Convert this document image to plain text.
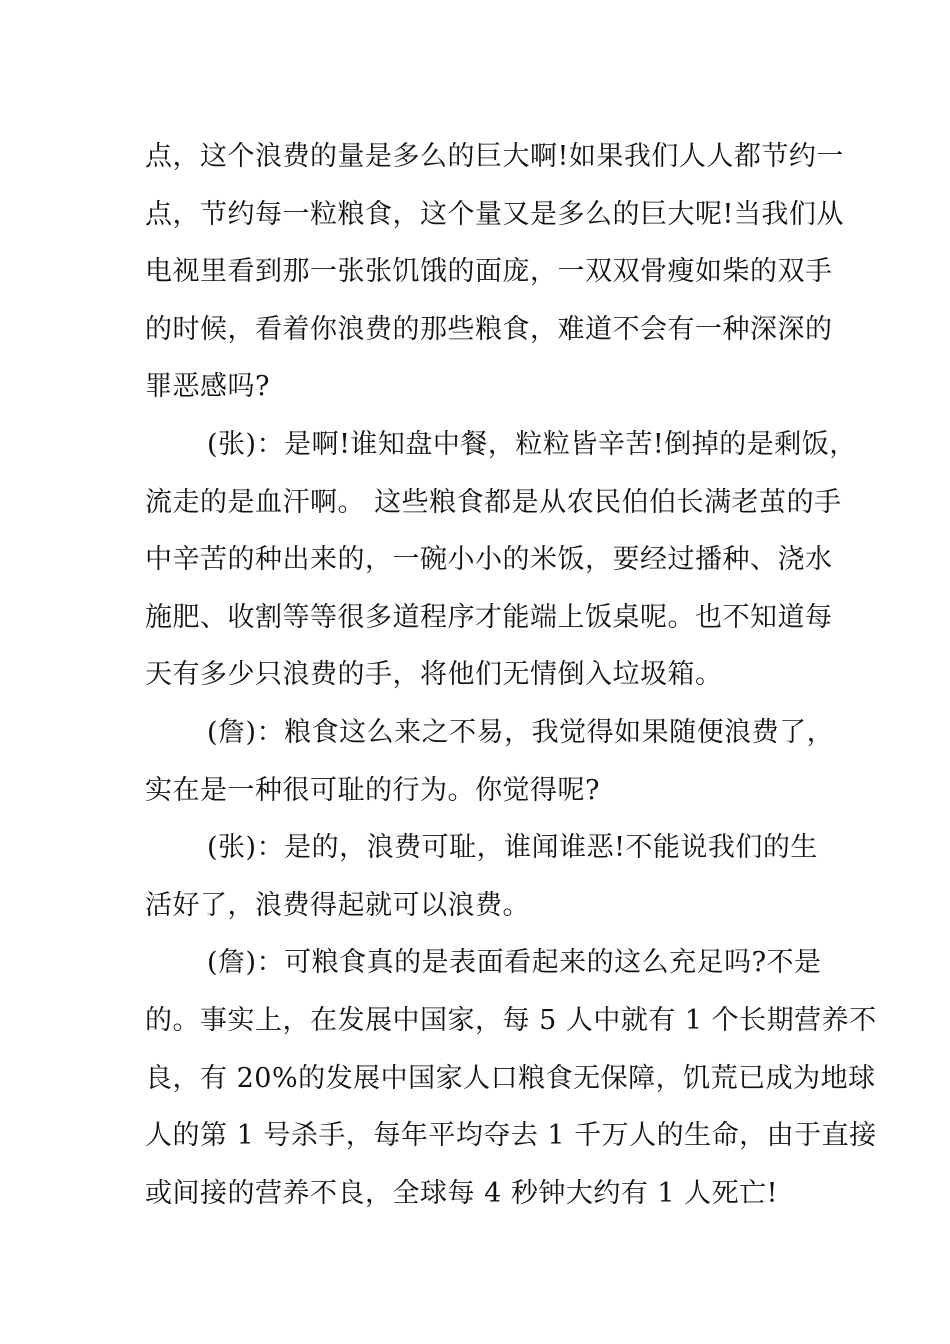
点，这个浪费的量是多么的巨大啊!如果我们人人都节约一
点，节约每一粒粮食，这个量又是多么的巨大呢!当我们从
电视里看到那一张张饥饿的面庞，一双双骨瘦如柴的双手
的时候，看着你浪费的那些粮食，难道不会有一种深深的
罪恶感吗?
(张)：是啊!谁知盘中餐，粒粒皆辛苦!倒掉的是剩饭，
流走的是血汗啊。 这些粮食都是从农民伯伯长满老茧的手
中辛苦的种出来的，一碗小小的米饭，要经过播种、浇水
施肥、收割等等很多道程序才能端上饭桌呢。也不知道每
天有多少只浪费的手，将他们无情倒入垃圾箱。
(詹)：粮食这么来之不易，我觉得如果随便浪费了，
实在是一种很可耻的行为。你觉得呢?
(张)：是的，浪费可耻，谁闻谁恶!不能说我们的生
活好了，浪费得起就可以浪费。
(詹)：可粮食真的是表面看起来的这么充足吗?不是
的。事实上，在发展中国家，每 5 人中就有 1 个长期营养不
良，有 20%的发展中国家人口粮食无保障，饥荒已成为地球
人的第 1 号杀手，每年平均夺去 1 千万人的生命，由于直接
或间接的营养不良，全球每 4 秒钟大约有 1 人死亡!
